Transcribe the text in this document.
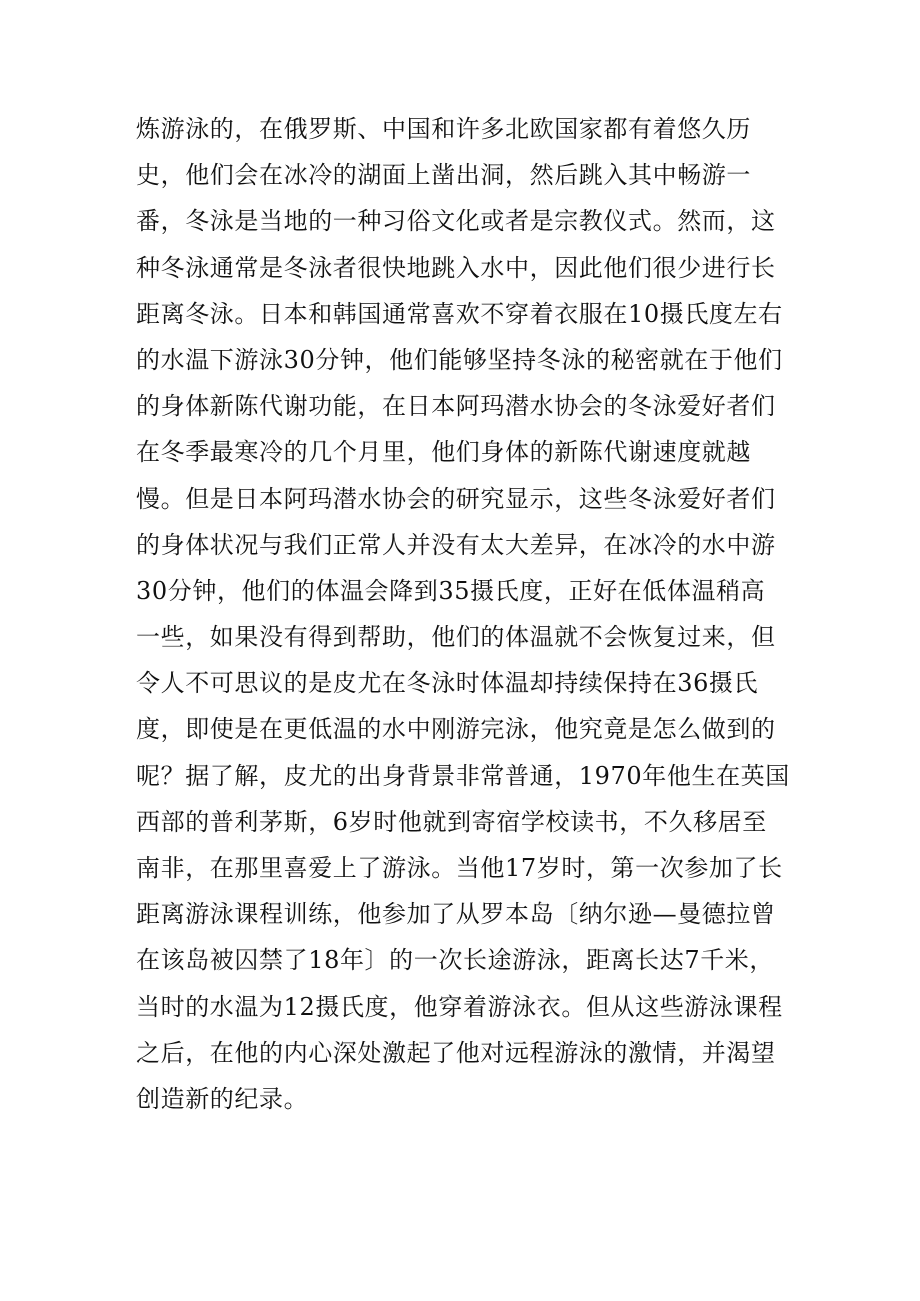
炼游泳的，在俄罗斯、中国和许多北欧国家都有着悠久历
史，他们会在冰冷的湖面上凿出洞，然后跳入其中畅游一
番，冬泳是当地的一种习俗文化或者是宗教仪式。然而，这
种冬泳通常是冬泳者很快地跳入水中，因此他们很少进行长
距离冬泳。日本和韩国通常喜欢不穿着衣服在10摄氏度左右
的水温下游泳30分钟，他们能够坚持冬泳的秘密就在于他们
的身体新陈代谢功能，在日本阿玛潜水协会的冬泳爱好者们
在冬季最寒冷的几个月里，他们身体的新陈代谢速度就越
慢。但是日本阿玛潜水协会的研究显示，这些冬泳爱好者们
的身体状况与我们正常人并没有太大差异，在冰冷的水中游
30分钟，他们的体温会降到35摄氏度，正好在低体温稍高
一些，如果没有得到帮助，他们的体温就不会恢复过来，但
令人不可思议的是皮尤在冬泳时体温却持续保持在36摄氏
度，即使是在更低温的水中刚游完泳，他究竟是怎么做到的
呢？据了解，皮尤的出身背景非常普通，1970年他生在英国
西部的普利茅斯，6岁时他就到寄宿学校读书，不久移居至
南非，在那里喜爱上了游泳。当他17岁时，第一次参加了长
距离游泳课程训练，他参加了从罗本岛〔纳尔逊—曼德拉曾
在该岛被囚禁了18年〕的一次长途游泳，距离长达7千米，
当时的水温为12摄氏度，他穿着游泳衣。但从这些游泳课程
之后，在他的内心深处激起了他对远程游泳的激情，并渴望
创造新的纪录。
